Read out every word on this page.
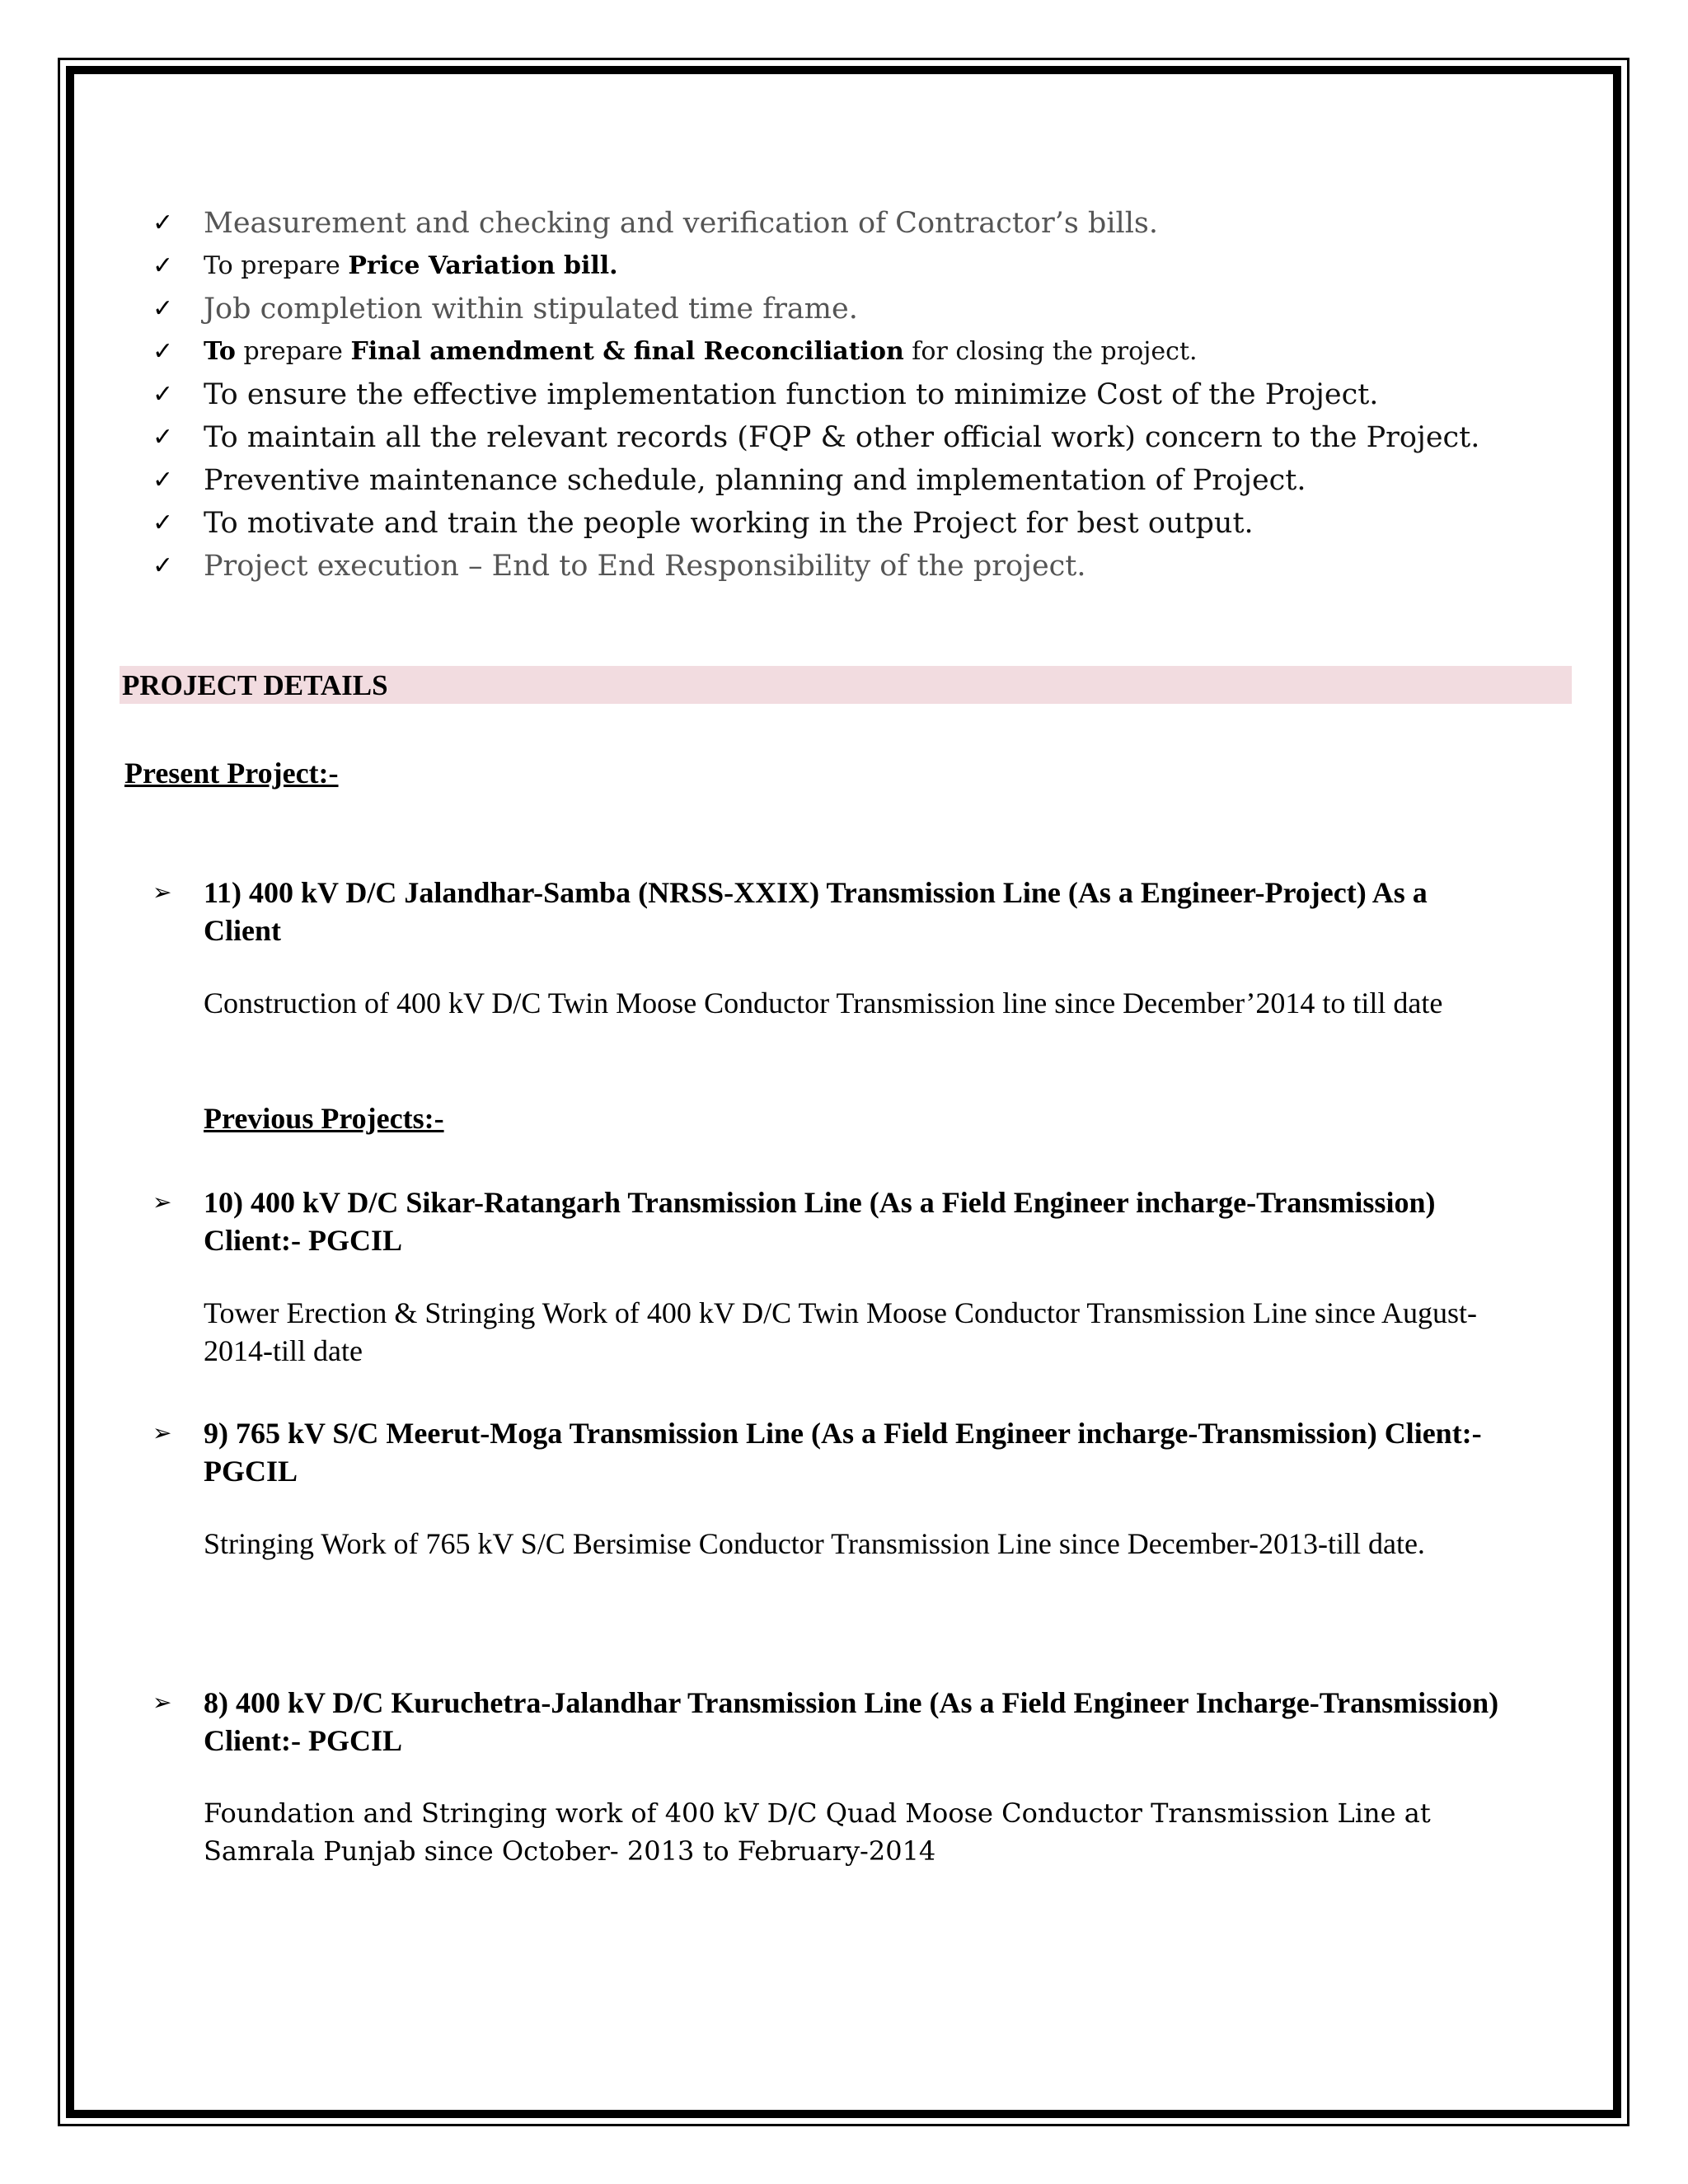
✓ Measurement and checking and verification of Contractor’s bills.
✓ To prepare Price Variation bill.
✓ Job completion within stipulated time frame.
✓ To prepare Final amendment & final Reconciliation for closing the project.
✓ To ensure the effective implementation function to minimize Cost of the Project.
✓ To maintain all the relevant records (FQP & other official work) concern to the Project.
✓ Preventive maintenance schedule, planning and implementation of Project.
✓ To motivate and train the people working in the Project for best output.
✓ Project execution – End to End Responsibility of the project.
PROJECT DETAILS
Present Project:-
➢ 11) 400 kV D/C Jalandhar-Samba (NRSS-XXIX) Transmission Line (As a Engineer-Project) As a Client
Construction of 400 kV D/C Twin Moose Conductor Transmission line since December’2014 to till date
Previous Projects:-
➢ 10) 400 kV D/C Sikar-Ratangarh Transmission Line (As a Field Engineer incharge-Transmission) Client:- PGCIL
Tower Erection & Stringing Work of 400 kV D/C Twin Moose Conductor Transmission Line since August-2014-till date
➢ 9) 765 kV S/C Meerut-Moga Transmission Line (As a Field Engineer incharge-Transmission) Client:- PGCIL
Stringing Work of 765 kV S/C Bersimise Conductor Transmission Line since December-2013-till date.
➢ 8) 400 kV D/C Kuruchetra-Jalandhar Transmission Line (As a Field Engineer Incharge-Transmission) Client:- PGCIL
Foundation and Stringing work of 400 kV D/C Quad Moose Conductor Transmission Line at Samrala Punjab since October- 2013 to February-2014
